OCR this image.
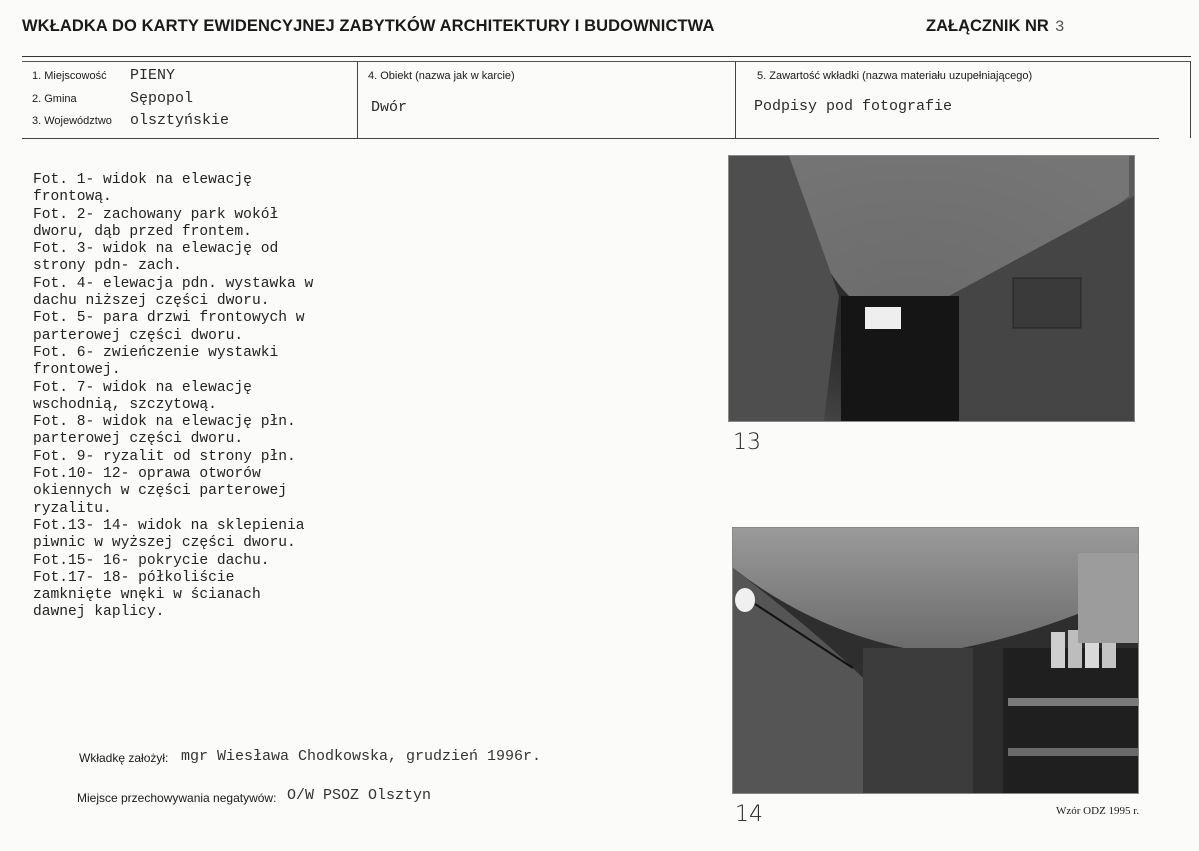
WKŁADKA DO KARTY EWIDENCYJNEJ ZABYTKÓW ARCHITEKTURY I BUDOWNICTWA	ZAŁĄCZNIK NR 3
1. Miejscowość PIENY
2. Gmina	Sępopol
3. Województwo olsztyńskie
4. Obiekt (nazwa jak w karcie)
Dwór
5. Zawartość wkładki (nazwa materiału uzupełniającego)
Podpisy pod fotografie
Fot. 1- widok na elewację
frontową.
Fot. 2- zachowany park wokół
dworu, dąb przed frontem.
Fot. 3- widok na elewację od
strony pdn- zach.
Fot. 4- elewacja pdn. wystawka w
dachu niższej części dworu.
Fot. 5- para drzwi frontowych w
parterowej części dworu.
Fot. 6- zwieńczenie wystawki
frontowej.
Fot. 7- widok na elewację
wschodnią, szczytową.
Fot. 8- widok na elewację płn.
parterowej części dworu.
Fot. 9- ryzalit od strony płn.
Fot.10- 12- oprawa otworów
okiennych w części parterowej
ryzalitu.
Fot.13- 14- widok na sklepienia
piwnic w wyższej części dworu.
Fot.15- 16- pokrycie dachu.
Fot.17- 18- półkoliście
zamknięte wnęki w ścianach
dawnej kaplicy.
13
14
Wkładkę założył: mgr Wiesława Chodkowska, grudzień 1996r.
Miejsce przechowywania negatywów: O/W PSOZ Olsztyn
Wzór ODZ 1995 r.
